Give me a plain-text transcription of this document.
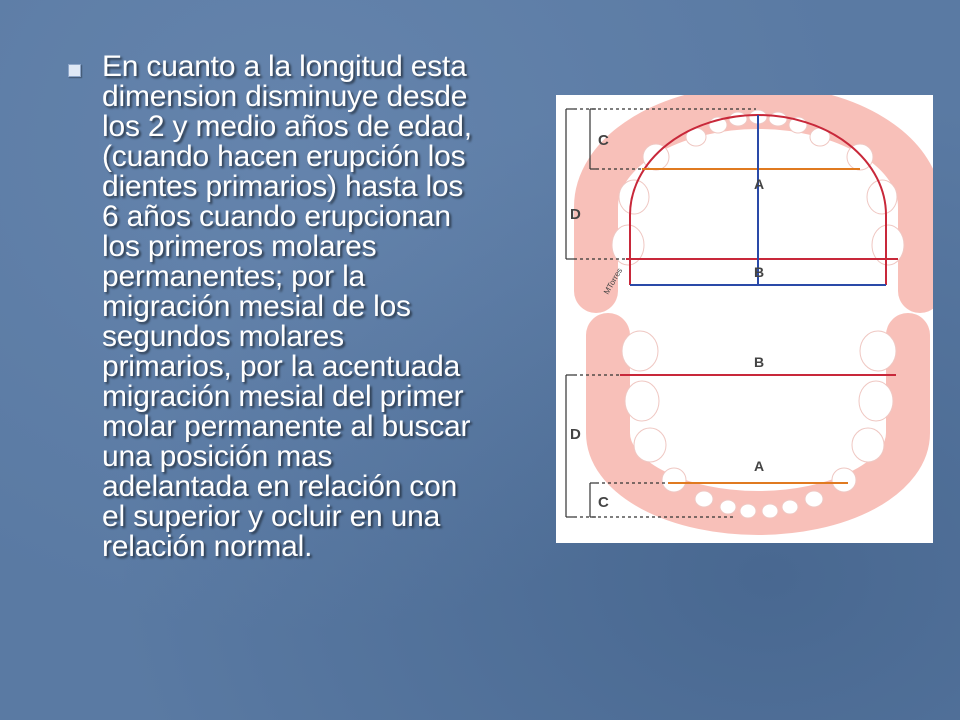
En cuanto a la longitud esta
dimension disminuye desde
los 2 y medio años de edad,
(cuando hacen erupción los
dientes primarios) hasta los
6 años cuando erupcionan
los primeros molares
permanentes; por la
migración mesial de los
segundos molares
primarios, por la acentuada
migración mesial del primer
molar permanente al buscar
una posición mas
adelantada en relación con
el superior y ocluir en una
relación normal.
C
D
A
B
MTorres
B
D
A
C
